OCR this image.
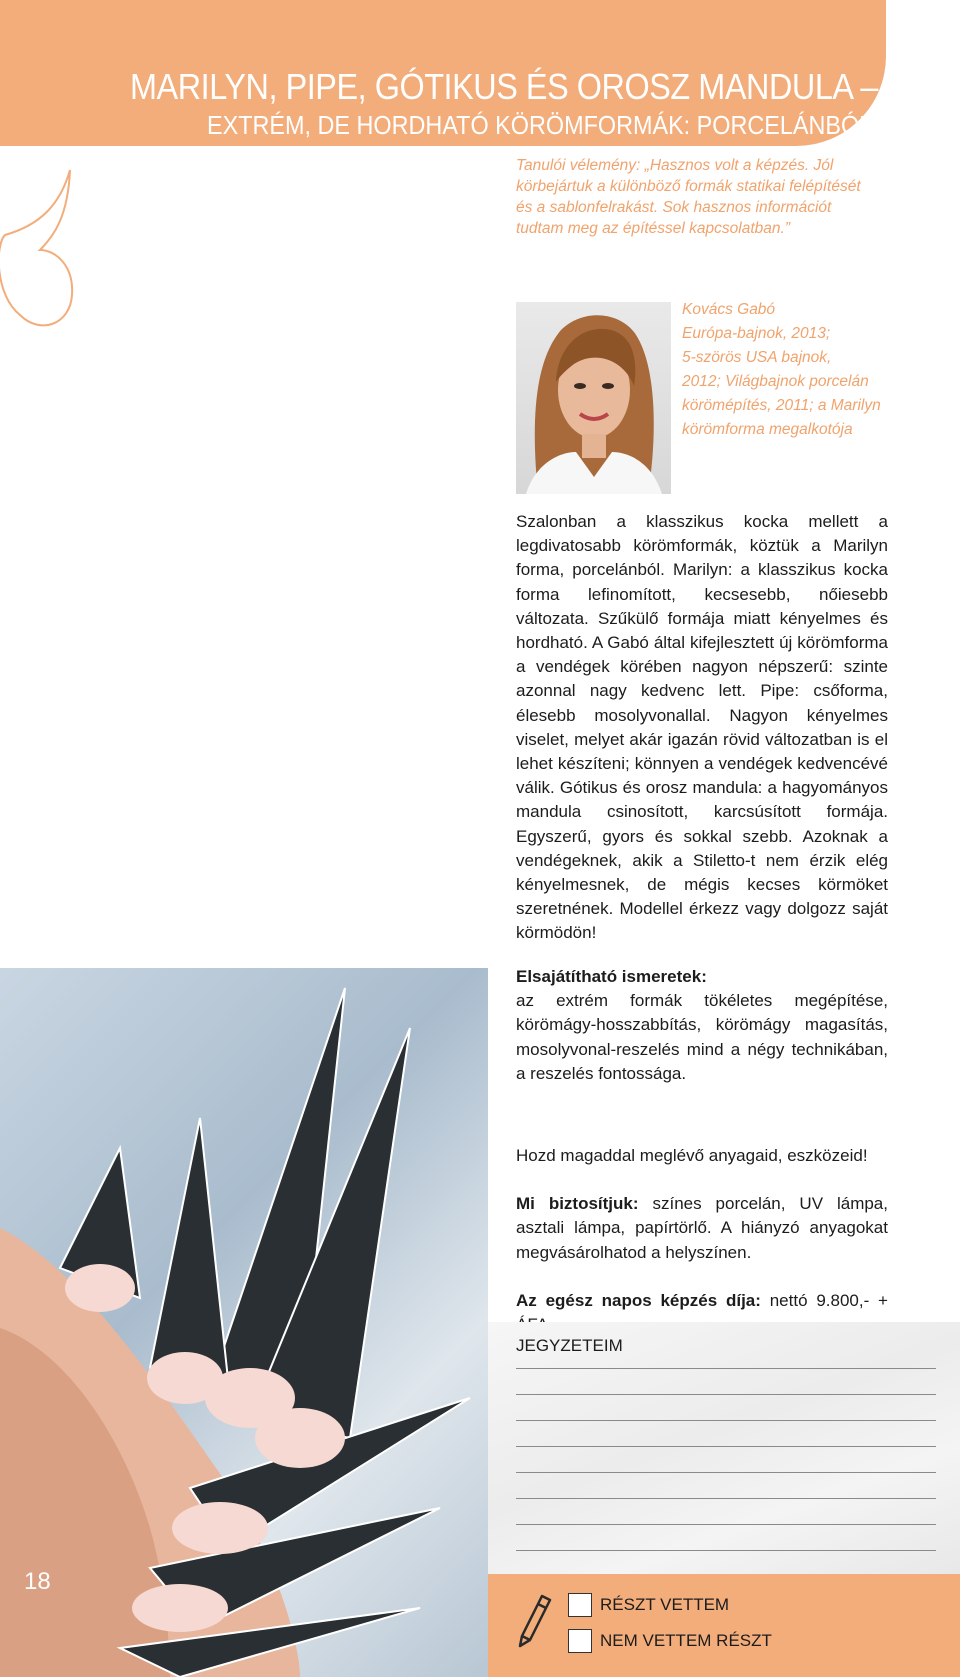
MARILYN, PIPE, GÓTIKUS ÉS OROSZ MANDULA –
EXTRÉM, DE HORDHATÓ KÖRÖMFORMÁK: PORCELÁNBÓL
Tanulói vélemény: „Hasznos volt a képzés. Jól körbejártuk a különböző formák statikai felépítését és a sablonfelrakást. Sok hasznos információt tudtam meg az építéssel kapcsolatban.”
Kovács Gabó
Európa-bajnok, 2013;
5-szörös USA bajnok,
2012; Világbajnok porcelán
körömépítés, 2011; a Marilyn
körömforma megalkotója
Szalonban a klasszikus kocka mellett a legdivatosabb körömformák, köztük a Marilyn forma, porcelánból. Marilyn: a klasszikus kocka forma lefinomított, kecsesebb, nőiesebb változata. Szűkülő formája miatt kényelmes és hordható. A Gabó által kifejlesztett új körömforma a vendégek körében nagyon népszerű: szinte azonnal nagy kedvenc lett. Pipe: csőforma, élesebb mosolyvonallal. Nagyon kényelmes viselet, melyet akár igazán rövid változatban is el lehet készíteni; könnyen a vendégek kedvencévé válik. Gótikus és orosz mandula: a hagyományos mandula csinosított, karcsúsított formája. Egyszerű, gyors és sokkal szebb. Azoknak a vendégeknek, akik a Stiletto-t nem érzik elég kényelmesnek, de mégis kecses körmöket szeretnének. Modellel érkezz vagy dolgozz saját körmödön!

Elsajátítható ismeretek:

az extrém formák tökéletes megépítése, körömágy-hosszabbítás, körömágy magasítás, mosolyvonal-reszelés mind a négy technikában, a reszelés fontossága.

Hozd magaddal meglévő anyagaid, eszközeid!

Mi biztosítjuk: színes porcelán, UV lámpa, asztali lámpa, papírtörlő. A hiányzó anyagokat megvásárolhatod a helyszínen.

Az egész napos képzés díja: nettó 9.800,- +

JEGYZETEIM
RÉSZT VETTEM
NEM VETTEM RÉSZT
18
